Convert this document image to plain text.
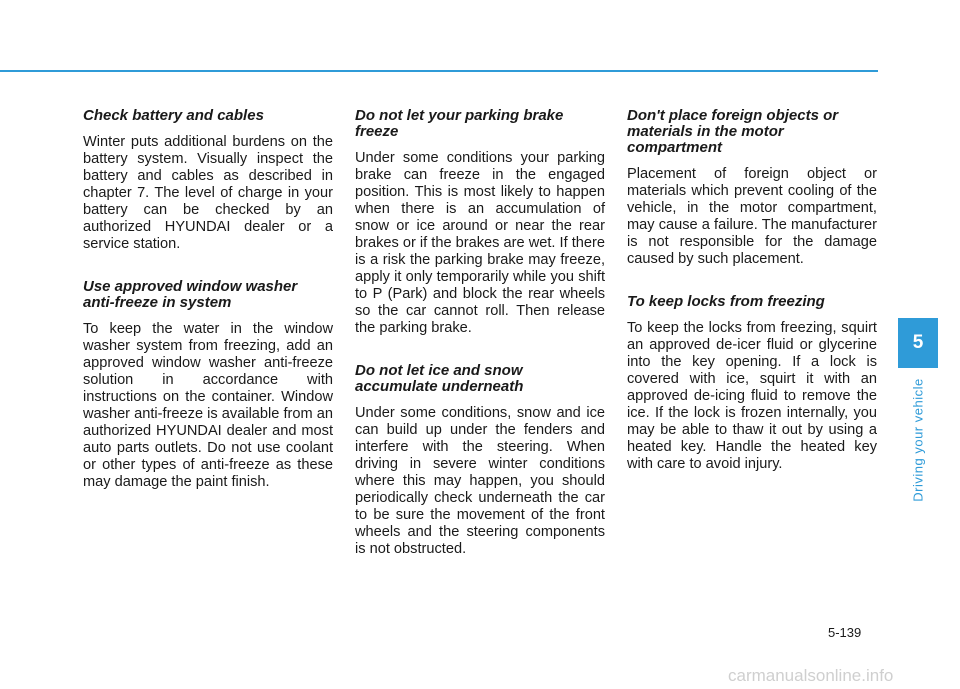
Check battery and cables

Winter puts additional burdens on the battery system. Visually inspect the battery and cables as described in chapter 7. The level of charge in your battery can be checked by an authorized HYUNDAI dealer or a service station.

Use approved window washer anti-freeze in system

To keep the water in the window washer system from freezing, add an approved window washer anti-freeze solution in accordance with instructions on the container. Window washer anti-freeze is available from an authorized HYUNDAI dealer and most auto parts outlets. Do not use coolant or other types of anti-freeze as these may damage the paint finish.

Do not let your parking brake freeze

Under some conditions your parking brake can freeze in the engaged position. This is most likely to happen when there is an accumulation of snow or ice around or near the rear brakes or if the brakes are wet. If there is a risk the parking brake may freeze, apply it only temporarily while you shift to P (Park) and block the rear wheels so the car cannot roll. Then release the parking brake.

Do not let ice and snow accumulate underneath

Under some conditions, snow and ice can build up under the fenders and interfere with the steering. When driving in severe winter conditions where this may happen, you should periodically check underneath the car to be sure the movement of the front wheels and the steering components is not obstructed.

Don't place foreign objects or materials in the motor compartment

Placement of foreign object or materials which prevent cooling of the vehicle, in the motor compartment, may cause a failure. The manufacturer is not responsible for the damage caused by such placement.

To keep locks from freezing

To keep the locks from freezing, squirt an approved de-icer fluid or glycerine into the key opening. If a lock is covered with ice, squirt it with an approved de-icing fluid to remove the ice. If the lock is frozen internally, you may be able to thaw it out by using a heated key. Handle the heated key with care to avoid injury.

5
Driving your vehicle
5-139
carmanualsonline.info
